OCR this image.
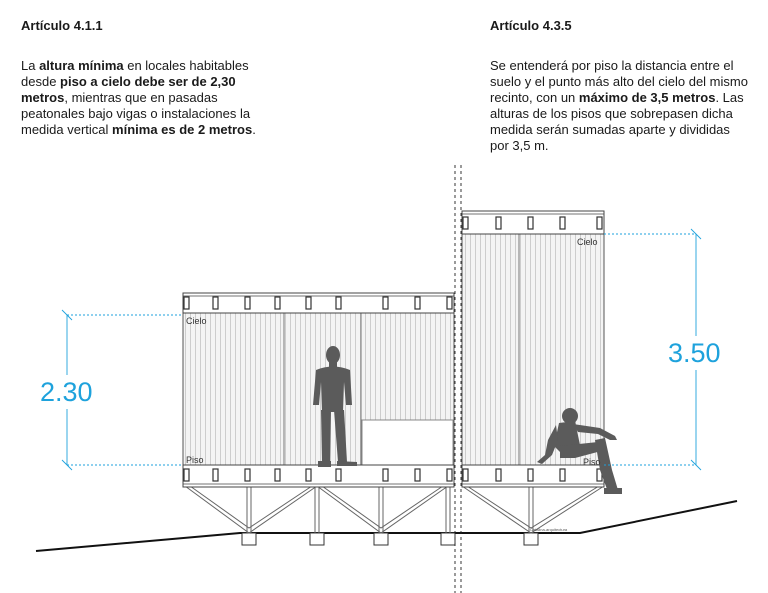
Artículo 4.1.1

La altura mínima en locales habitables desde piso a cielo debe ser de 2,30 metros, mientras que en pasadas peatonales bajo vigas o instalaciones la medida vertical mínima es de 2 metros.

Artículo 4.3.5

Se entenderá por piso la distancia entre el suelo y el punto más alto del cielo del mismo recinto, con un máximo de 3,5 metros. Las alturas de los pisos que sobrepasen dicha medida serán sumadas aparte y divididas por 3,5 m.

2.30
3.50
Cielo
Piso
Cielo
Piso
Catalina-arquitectura
